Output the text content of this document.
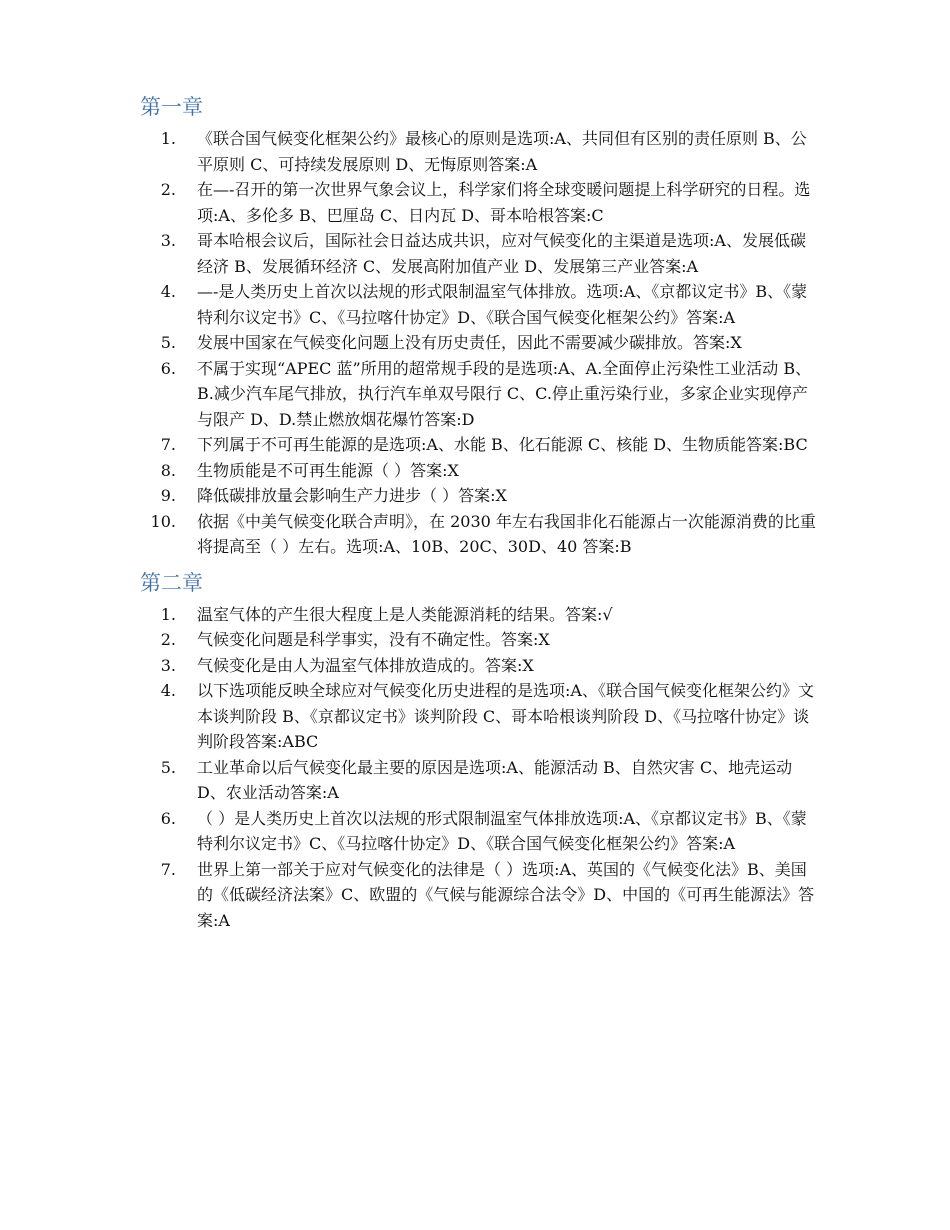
第一章
1. 《联合国气候变化框架公约》最核心的原则是选项:A、共同但有区别的责任原则 B、公平原则 C、可持续发展原则 D、无悔原则答案:A
2. 在—-召开的第一次世界气象会议上，科学家们将全球变暖问题提上科学研究的日程。选项:A、多伦多 B、巴厘岛 C、日内瓦 D、哥本哈根答案:C
3. 哥本哈根会议后，国际社会日益达成共识，应对气候变化的主渠道是选项:A、发展低碳经济 B、发展循环经济 C、发展高附加值产业 D、发展第三产业答案:A
4. —-是人类历史上首次以法规的形式限制温室气体排放。选项:A、《京都议定书》B、《蒙特利尔议定书》C、《马拉喀什协定》D、《联合国气候变化框架公约》答案:A
5. 发展中国家在气候变化问题上没有历史责任，因此不需要减少碳排放。答案:X
6. 不属于实现“APEC 蓝”所用的超常规手段的是选项:A、A.全面停止污染性工业活动 B、B.减少汽车尾气排放，执行汽车单双号限行 C、C.停止重污染行业，多家企业实现停产与限产 D、D.禁止燃放烟花爆竹答案:D
7. 下列属于不可再生能源的是选项:A、水能 B、化石能源 C、核能 D、生物质能答案:BC
8. 生物质能是不可再生能源（ ）答案:X
9. 降低碳排放量会影响生产力进步（ ）答案:X
10. 依据《中美气候变化联合声明》，在 2030 年左右我国非化石能源占一次能源消费的比重将提高至（ ）左右。选项:A、10B、20C、30D、40 答案:B
第二章
1. 温室气体的产生很大程度上是人类能源消耗的结果。答案:√
2. 气候变化问题是科学事实，没有不确定性。答案:X
3. 气候变化是由人为温室气体排放造成的。答案:X
4. 以下选项能反映全球应对气候变化历史进程的是选项:A、《联合国气候变化框架公约》文本谈判阶段 B、《京都议定书》谈判阶段 C、哥本哈根谈判阶段 D、《马拉喀什协定》谈判阶段答案:ABC
5. 工业革命以后气候变化最主要的原因是选项:A、能源活动 B、自然灾害 C、地壳运动 D、农业活动答案:A
6. （ ）是人类历史上首次以法规的形式限制温室气体排放选项:A、《京都议定书》B、《蒙特利尔议定书》C、《马拉喀什协定》D、《联合国气候变化框架公约》答案:A
7. 世界上第一部关于应对气候变化的法律是（ ）选项:A、英国的《气候变化法》B、美国的《低碳经济法案》C、欧盟的《气候与能源综合法令》D、中国的《可再生能源法》答案:A
